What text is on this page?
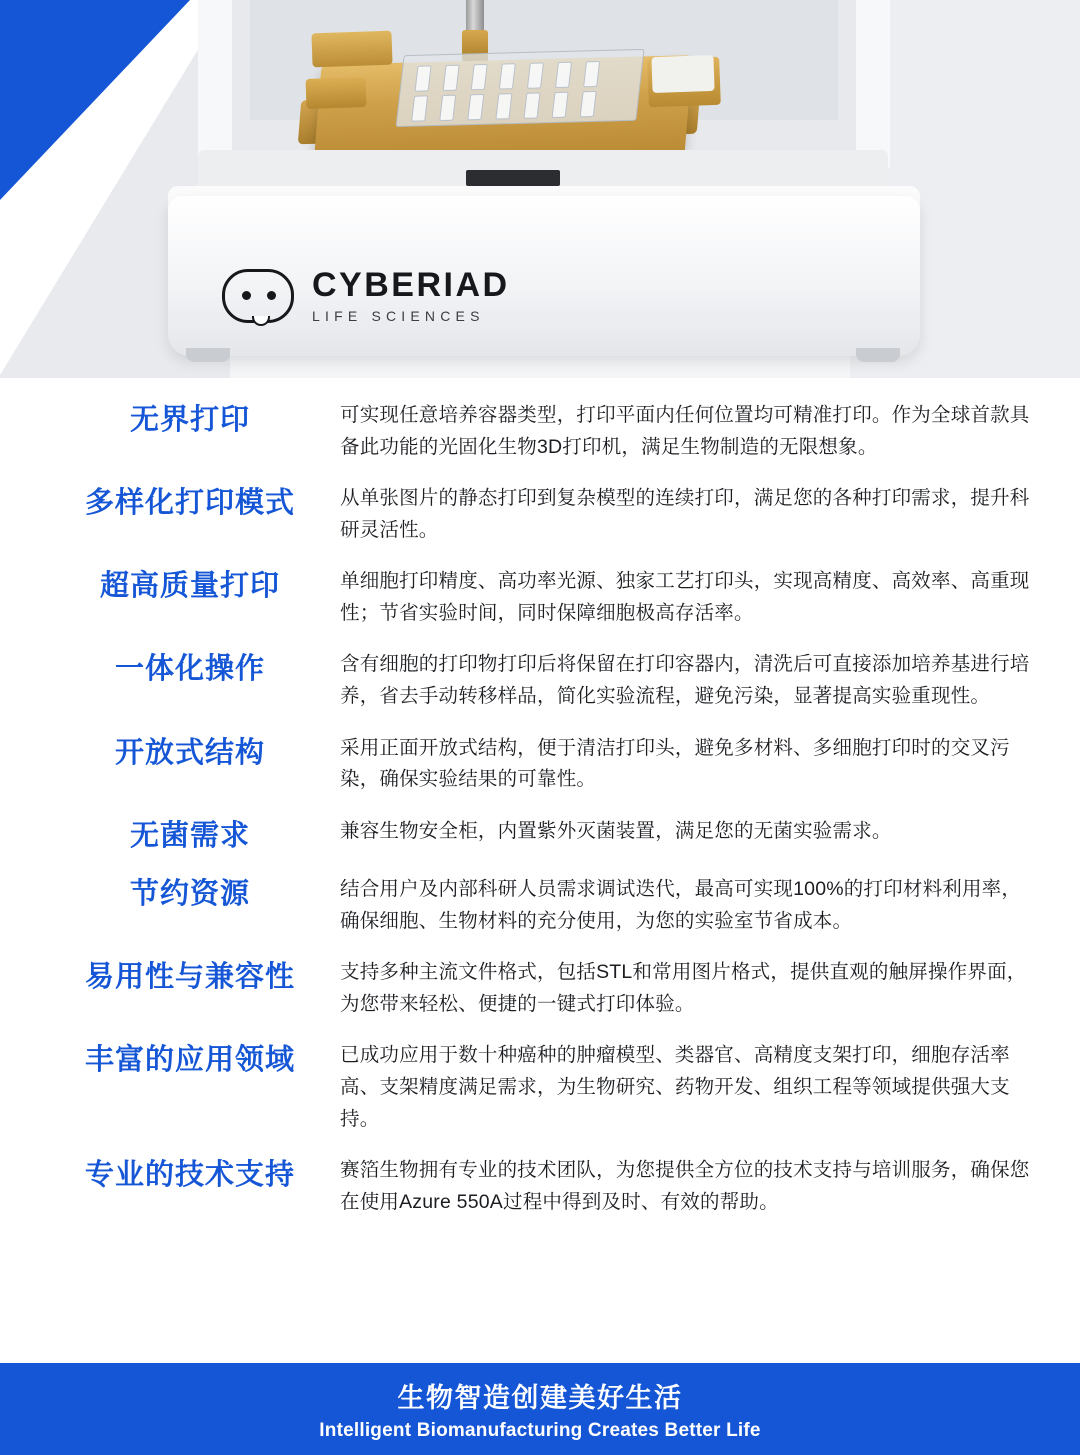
CYBERIAD
LIFE SCIENCES
无界打印	可实现任意培养容器类型，打印平面内任何位置均可精准打印。作为全球首款具备此功能的光固化生物3D打印机，满足生物制造的无限想象。
多样化打印模式	从单张图片的静态打印到复杂模型的连续打印，满足您的各种打印需求，提升科研灵活性。
超高质量打印	单细胞打印精度、高功率光源、独家工艺打印头，实现高精度、高效率、高重现性；节省实验时间，同时保障细胞极高存活率。
一体化操作	含有细胞的打印物打印后将保留在打印容器内，清洗后可直接添加培养基进行培养，省去手动转移样品，简化实验流程，避免污染，显著提高实验重现性。
开放式结构	采用正面开放式结构，便于清洁打印头，避免多材料、多细胞打印时的交叉污染，确保实验结果的可靠性。
无菌需求	兼容生物安全柜，内置紫外灭菌装置，满足您的无菌实验需求。
节约资源	结合用户及内部科研人员需求调试迭代，最高可实现100%的打印材料利用率，确保细胞、生物材料的充分使用，为您的实验室节省成本。
易用性与兼容性	支持多种主流文件格式，包括STL和常用图片格式，提供直观的触屏操作界面，为您带来轻松、便捷的一键式打印体验。
丰富的应用领域	已成功应用于数十种癌种的肿瘤模型、类器官、高精度支架打印，细胞存活率高、支架精度满足需求，为生物研究、药物开发、组织工程等领域提供强大支持。
专业的技术支持	赛箔生物拥有专业的技术团队，为您提供全方位的技术支持与培训服务，确保您在使用Azure 550A过程中得到及时、有效的帮助。
生物智造创建美好生活
Intelligent Biomanufacturing Creates Better Life
